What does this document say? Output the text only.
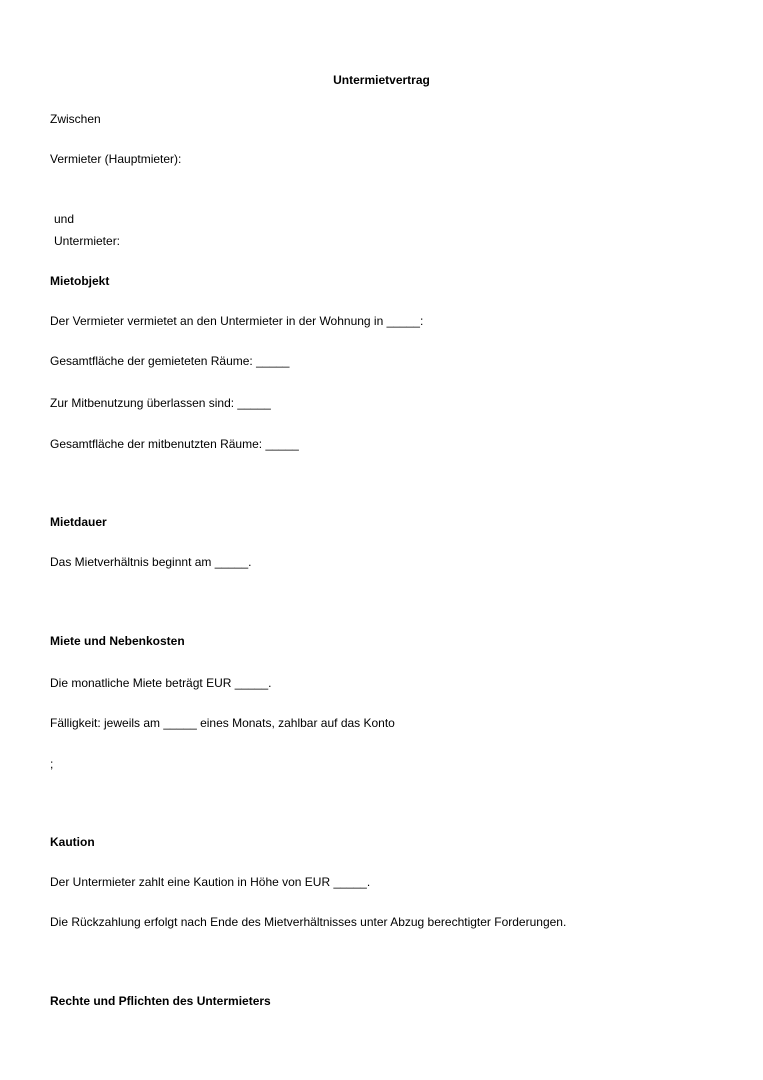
Untermietvertrag
Zwischen
Vermieter (Hauptmieter):
und
Untermieter:
Mietobjekt
Der Vermieter vermietet an den Untermieter in der Wohnung in _____:
Gesamtfläche der gemieteten Räume: _____
Zur Mitbenutzung überlassen sind: _____
Gesamtfläche der mitbenutzten Räume: _____
Mietdauer
Das Mietverhältnis beginnt am _____.
Miete und Nebenkosten
Die monatliche Miete beträgt EUR _____.
Fälligkeit: jeweils am _____ eines Monats, zahlbar auf das Konto
;
Kaution
Der Untermieter zahlt eine Kaution in Höhe von EUR _____.
Die Rückzahlung erfolgt nach Ende des Mietverhältnisses unter Abzug berechtigter Forderungen.
Rechte und Pflichten des Untermieters
